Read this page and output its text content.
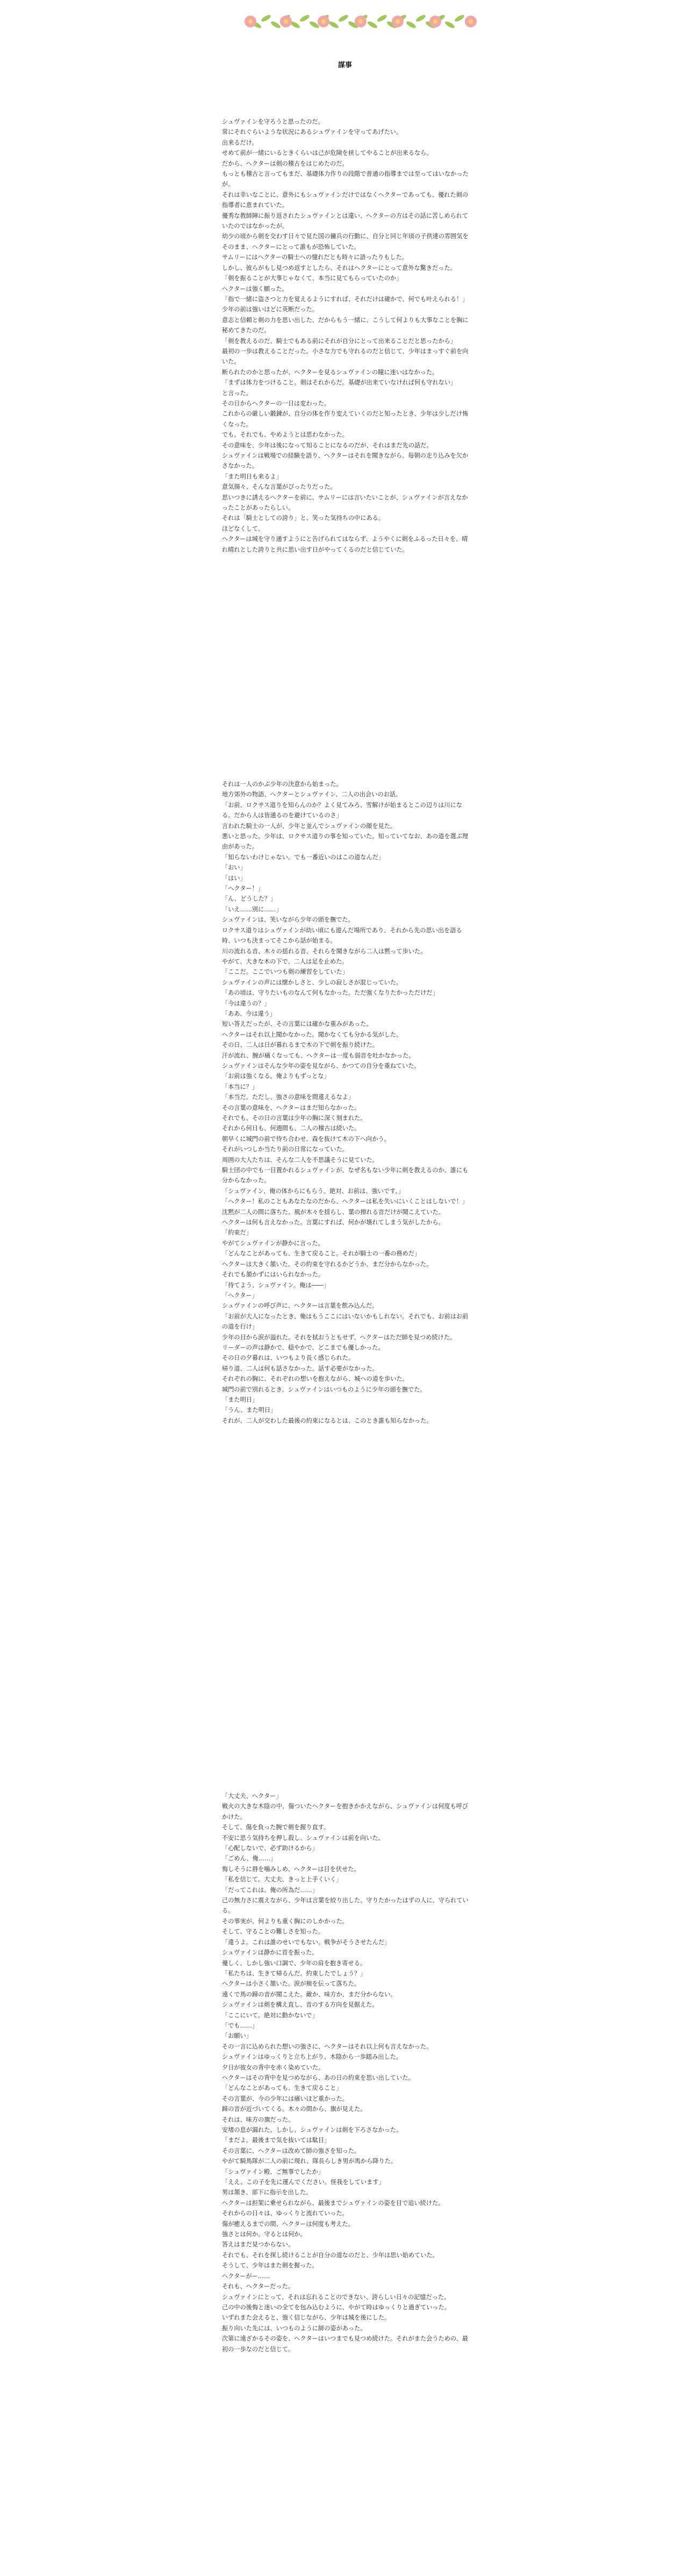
謀事

シュヴァインを守ろうと思ったのだ。

常にそれぐらいような状況にあるシュヴァインを守ってあげたい。

出来るだけ。

せめて前が一緒にいるときくらいは己が危険を挟してやることが出来るなら。

だから、ヘクターは剣の稽古をはじめたのだ。

もっとも稽古と言ってもまだ、基礎体力作りの段階で普通の指導までは至ってはいなかったが。

それは幸いなことに、意外にもシュヴァインだけではなくヘクターであっても、優れた剣の指導者に恵まれていた。

優秀な教師陣に振り返されたシュヴァインとは違い、ヘクターの方はその話に苦しめられていたのではなかったが。

幼少の頃から剣を交わす日々で見た国の傭兵の行動に、自分と同じ年頃の子供達の雰囲気をそのまま、ヘクターにとって誰もが恐怖していた。

サムリーにはヘクターの騎士への憧れだとも時々に語ったりもした。

しかし、彼らがもし見つめ返すとしたら、それはヘクターにとって意外な驚きだった。

「剣を振ることが大事じゃなくて、本当に見てもらっていたのか」

ヘクターは強く願った。

「指で一緒に盗さつと力を覚えるようにすれば、それだけは確かで、何でも叶えられる！」

少年の前は強いほどに英断だった。

意志と信頼と剣の力を思い出した、だからもう一緒に、こうして何よりも大事なことを胸に秘めてきたのだ。

「剣を教えるのだ、騎士でもある前にそれが自分にとって出来ることだと思ったから」

最初の一歩は教えることだった。小さな力でも守れるのだと信じて、少年はまっすぐ前を向いた。

断られたのかと思ったが、ヘクターを見るシュヴァインの瞳に迷いはなかった。

「まずは体力をつけること。剣はそれからだ。基礎が出来ていなければ何も守れない」

と言った。

その日からヘクターの一日は変わった。

これからの厳しい鍛錬が、自分の体を作り変えていくのだと知ったとき、少年は少しだけ怖くなった。

でも、それでも、やめようとは思わなかった。

その意味を、少年は後になって知ることになるのだが、それはまだ先の話だ。

シュヴァインは戦場での経験を語り、ヘクターはそれを聞きながら、毎朝の走り込みを欠かさなかった。

「また明日も来るよ」

意気揚々、そんな言葉がぴったりだった。

思いつきに誘えるヘクターを前に、サムリーには言いたいことが、シュヴァインが言えなかったことがあったらしい。

それは「騎士としての誇り」と、笑った気持ちの中にある。

ほどなくして、

ヘクターは城を守り通すようにと告げられてはならず、ようやくに剣をふるった日々を、晴れ晴れとした誇りと共に思い出す日がやってくるのだと信じていた。

それは一人のかぶ少年の決意から始まった。

地方郊外の物語、ヘクターとシュヴァイン、二人の出会いのお話。

「お前、ロクサス道りを知らんのか？よく見てみろ、雪解けが始まるとこの辺りは川になる。だから人は皆通るのを避けているのさ」

言われた騎士の一人が、少年と並んでシュヴァインの顔を見た。

悪いと思った。少年は、ロクサス道りの事を知っていた。知っていてなお、あの道を選ぶ理由があった。

「知らないわけじゃない。でも一番近いのはこの道なんだ」

「おい」

「はい」

「へクター！」

「ん、どうした？」

「いえ……別に……」

シュヴァインは、笑いながら少年の頭を撫でた。

ロクサス道りはシュヴァインが幼い頃にも遊んだ場所であり、それから先の思い出を語る時、いつも決まってそこから話が始まる。

川の流れる音、木々の揺れる音、それらを聞きながら二人は黙って歩いた。

やがて、大きな木の下で、二人は足を止めた。

「ここだ。ここでいつも剣の練習をしていた」

シュヴァインの声には懐かしさと、少しの寂しさが混じっていた。

「あの頃は、守りたいものなんて何もなかった。ただ強くなりたかっただけだ」

「今は違うの？」

「ああ、今は違う」

短い答えだったが、その言葉には確かな重みがあった。

ヘクターはそれ以上聞かなかった。聞かなくても分かる気がした。

その日、二人は日が暮れるまで木の下で剣を振り続けた。

汗が流れ、腕が痛くなっても、ヘクターは一度も弱音を吐かなかった。

シュヴァインはそんな少年の姿を見ながら、かつての自分を重ねていた。

「お前は強くなる。俺よりもずっとな」

「本当に？」

「本当だ。ただし、強さの意味を間違えるなよ」

その言葉の意味を、ヘクターはまだ知らなかった。

それでも、その日の言葉は少年の胸に深く刻まれた。

それから何日も、何週間も、二人の稽古は続いた。

朝早くに城門の前で待ち合わせ、森を抜けて木の下へ向かう。

それがいつしか当たり前の日常になっていた。

周囲の大人たちは、そんな二人を不思議そうに見ていた。

騎士団の中でも一目置かれるシュヴァインが、なぜ名もない少年に剣を教えるのか、誰にも分からなかった。

「シュヴァイン、俺の体からにもらう。絶対、お前は、強いです。」

「へクター！私のこともあなたなのだから、ヘクターは私を失いにいくことはしないで！」

沈黙が二人の間に落ちた。風が木々を揺らし、葉の擦れる音だけが聞こえていた。

ヘクターは何も言えなかった。言葉にすれば、何かが壊れてしまう気がしたから。

「約束だ」

やがてシュヴァインが静かに言った。

「どんなことがあっても、生きて戻ること。それが騎士の一番の務めだ」

ヘクターは大きく頷いた。その約束を守れるかどうか、まだ分からなかった。

それでも頷かずにはいられなかった。

「待てよう、シュヴァイン。俺は――」

「へクター」

シュヴァインの呼び声に、ヘクターは言葉を飲み込んだ。

「お前が大人になったとき、俺はもうここにはいないかもしれない。それでも、お前はお前の道を行け」

少年の目から涙が溢れた。それを拭おうともせず、ヘクターはただ師を見つめ続けた。

リーダーの声は静かで、穏やかで、どこまでも優しかった。

その日の夕暮れは、いつもより長く感じられた。

帰り道、二人は何も話さなかった。話す必要がなかった。

それぞれの胸に、それぞれの想いを抱えながら、城への道を歩いた。

城門の前で別れるとき、シュヴァインはいつものように少年の頭を撫でた。

「また明日」

「うん、また明日」

それが、二人が交わした最後の約束になるとは、このとき誰も知らなかった。

「大丈夫、ヘクター」

戦火の大きな木陰の中、傷ついたヘクターを抱きかかえながら、シュヴァインは何度も呼びかけた。

そして、傷を負った腕で剣を握り直す。

不安に思う気持ちを押し殺し、シュヴァインは前を向いた。

「心配しないで、必ず助けるから」

「ごめん、俺……」

悔しそうに唇を噛みしめ、ヘクターは目を伏せた。

「私を信じて。大丈夫、きっと上手くいく」

「だってこれは、俺の所為だ……」

己の無力さに震えながら、少年は言葉を絞り出した。守りたかったはずの人に、守られている。

その事実が、何よりも重く胸にのしかかった。

そして、守ることの難しさを知った。

「違うよ。これは誰のせいでもない。戦争がそうさせたんだ」

シュヴァインは静かに首を振った。

優しく、しかし強い口調で、少年の肩を抱き寄せる。

「私たちは、生きて帰るんだ。約束したでしょう？」

ヘクターは小さく頷いた。涙が頬を伝って落ちた。

遠くで馬の蹄の音が聞こえた。敵か、味方か、まだ分からない。

シュヴァインは剣を構え直し、音のする方向を見据えた。

「ここにいて。絶対に動かないで」

「でも……」

「お願い」

その一言に込められた想いの強さに、ヘクターはそれ以上何も言えなかった。

シュヴァインはゆっくりと立ち上がり、木陰から一歩踏み出した。

夕日が彼女の背中を赤く染めていた。

ヘクターはその背中を見つめながら、あの日の約束を思い出していた。

「どんなことがあっても、生きて戻ること」

その言葉が、今の少年には痛いほど重かった。

蹄の音が近づいてくる。木々の間から、旗が見えた。

それは、味方の旗だった。

安堵の息が漏れた。しかし、シュヴァインは剣を下ろさなかった。

「まだよ。最後まで気を抜いては駄目」

その言葉に、ヘクターは改めて師の強さを知った。

やがて騎馬隊が二人の前に現れ、隊長らしき男が馬から降りた。

「シュヴァイン殿、ご無事でしたか」

「ええ。この子を先に運んでください。怪我をしています」

男は頷き、部下に指示を出した。

ヘクターは担架に乗せられながら、最後までシュヴァインの姿を目で追い続けた。

それからの日々は、ゆっくりと流れていった。

傷が癒えるまでの間、ヘクターは何度も考えた。

強さとは何か。守るとは何か。

答えはまだ見つからない。

それでも、それを探し続けることが自分の道なのだと、少年は思い始めていた。

そうして、少年はまた剣を握った。

ヘクターがー……

それも、ヘクターだった。

シュヴァインにとって、それは忘れることのできない、誇らしい日々の記憶だった。

己の中の後悔と迷いの全てを包み込むように、やがて時はゆっくりと過ぎていった。

いずれまた会えると、強く信じながら、少年は城を後にした。

振り向いた先には、いつものように師の姿があった。

次第に遠ざかるその姿を、ヘクターはいつまでも見つめ続けた。それがまた会うための、最初の一歩なのだと信じて。
